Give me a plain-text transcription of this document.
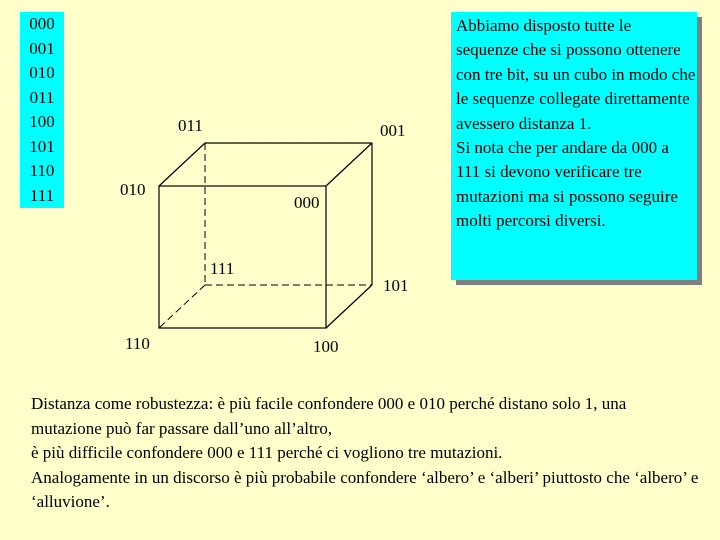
000
001
010
011
100
101
110
111
011	001
010
000
111
101
110	100

Abbiamo disposto tutte le sequenze che si possono ottenere con tre bit, su un cubo in modo che le sequenze collegate direttamente avessero distanza 1.

Si nota che per andare da 000 a 111 si devono verificare tre mutazioni ma si possono seguire molti percorsi diversi.

Distanza come robustezza: è più facile confondere 000 e 010 perché distano solo 1, una mutazione può far passare dall’uno all’altro,

è più difficile confondere 000 e 111 perché ci vogliono tre mutazioni.

Analogamente in un discorso è più probabile confondere ‘albero’ e ‘alberi’ piuttosto che ‘albero’ e ‘alluvione’.
